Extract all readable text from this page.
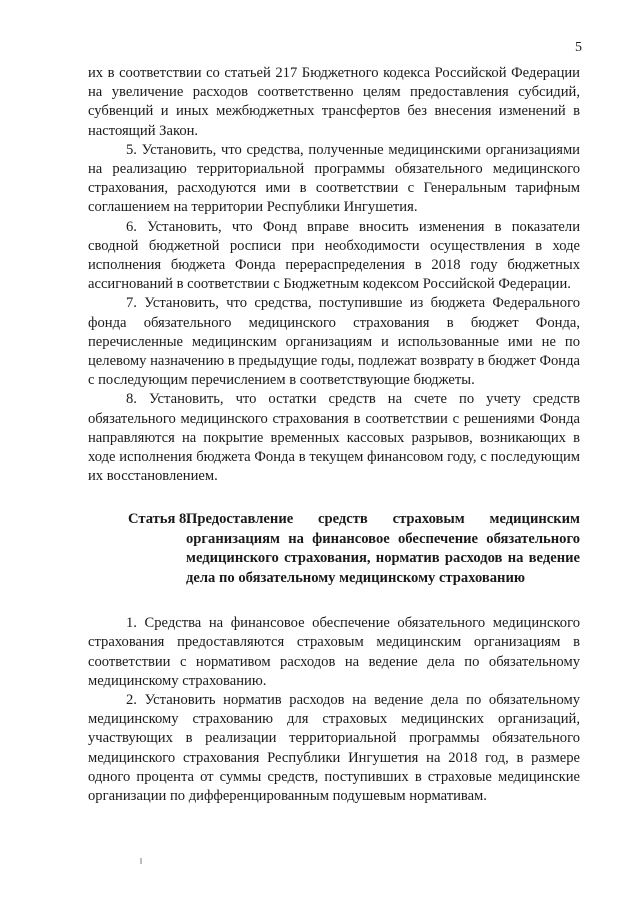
5

их в соответствии со статьей 217 Бюджетного кодекса Российской Федерации на увеличение расходов соответственно целям предоставления субсидий, субвенций и иных межбюджетных трансфертов без внесения изменений в настоящий Закон.

5. Установить, что средства, полученные медицинскими организациями на реализацию территориальной программы обязательного медицинского страхования, расходуются ими в соответствии с Генеральным тарифным соглашением на территории Республики Ингушетия.

6. Установить, что Фонд вправе вносить изменения в показатели сводной бюджетной росписи при необходимости осуществления в ходе исполнения бюджета Фонда перераспределения в 2018 году бюджетных ассигнований в соответствии с Бюджетным кодексом Российской Федерации.

7. Установить, что средства, поступившие из бюджета Федерального фонда обязательного медицинского страхования в бюджет Фонда, перечисленные медицинским организациям и использованные ими не по целевому назначению в предыдущие годы, подлежат возврату в бюджет Фонда с последующим перечислением в соответствующие бюджеты.

8. Установить, что остатки средств на счете по учету средств обязательного медицинского страхования в соответствии с решениями Фонда направляются на покрытие временных кассовых разрывов, возникающих в ходе исполнения бюджета Фонда в текущем финансовом году, с последующим их восстановлением.

Статья 8.
Предоставление средств страховым медицинским организациям на финансовое обеспечение обязательного медицинского страхования, норматив расходов на ведение дела по обязательному медицинскому страхованию

1. Средства на финансовое обеспечение обязательного медицинского страхования предоставляются страховым медицинским организациям в соответствии с нормативом расходов на ведение дела по обязательному медицинскому страхованию.

2. Установить норматив расходов на ведение дела по обязательному медицинскому страхованию для страховых медицинских организаций, участвующих в реализации территориальной программы обязательного медицинского страхования Республики Ингушетия на 2018 год, в размере одного процента от суммы средств, поступивших в страховые медицинские организации по дифференцированным подушевым нормативам.
